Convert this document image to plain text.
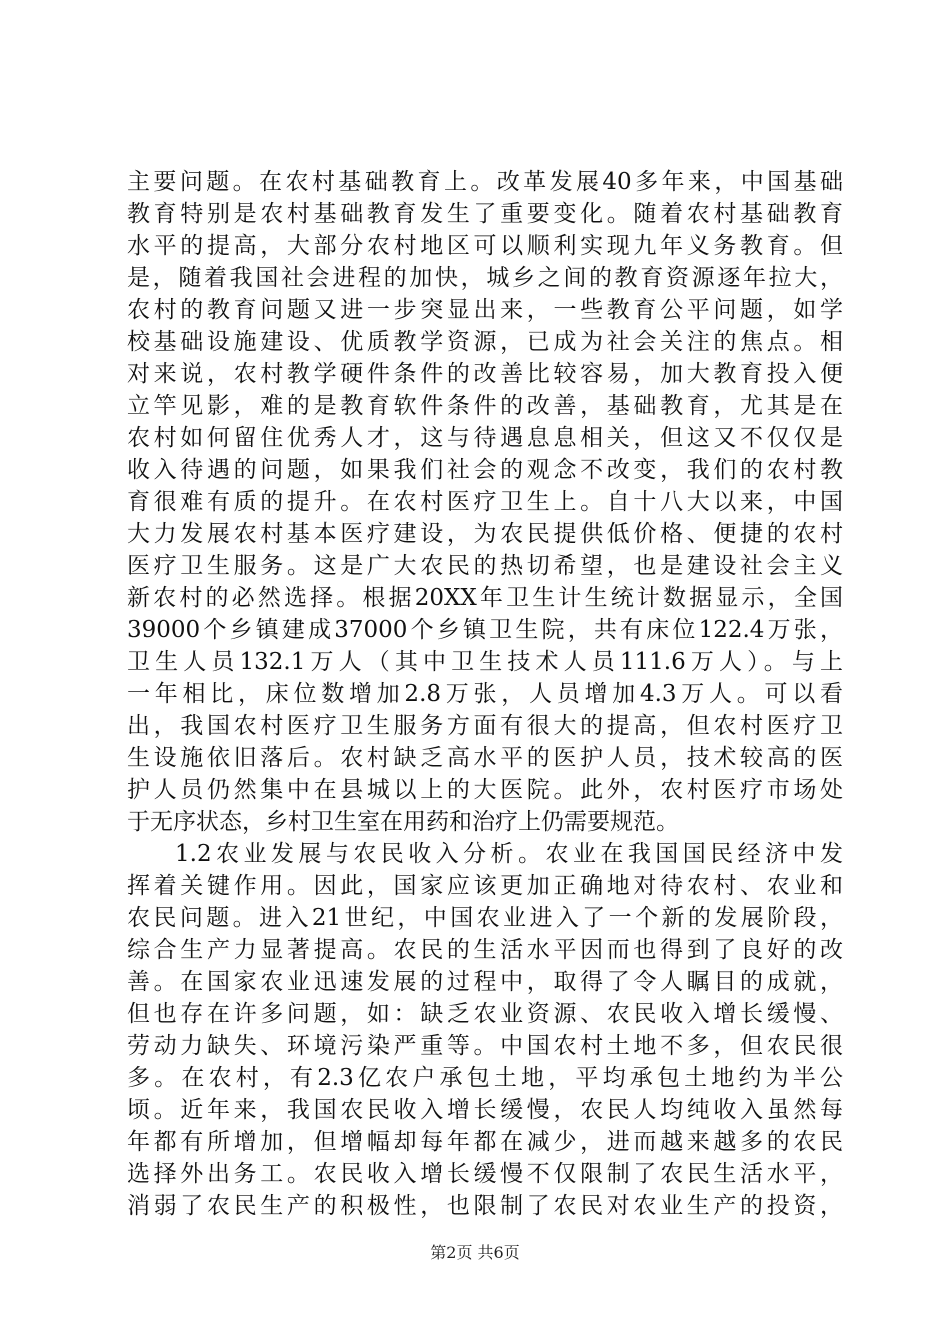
主要问题。在农村基础教育上。改革发展40多年来，中国基础
教育特别是农村基础教育发生了重要变化。随着农村基础教育
水平的提高，大部分农村地区可以顺利实现九年义务教育。但
是，随着我国社会进程的加快，城乡之间的教育资源逐年拉大，
农村的教育问题又进一步突显出来，一些教育公平问题，如学
校基础设施建设、优质教学资源，已成为社会关注的焦点。相
对来说，农村教学硬件条件的改善比较容易，加大教育投入便
立竿见影，难的是教育软件条件的改善，基础教育，尤其是在
农村如何留住优秀人才，这与待遇息息相关，但这又不仅仅是
收入待遇的问题，如果我们社会的观念不改变，我们的农村教
育很难有质的提升。在农村医疗卫生上。自十八大以来，中国
大力发展农村基本医疗建设，为农民提供低价格、便捷的农村
医疗卫生服务。这是广大农民的热切希望，也是建设社会主义
新农村的必然选择。根据20XX年卫生计生统计数据显示，全国
39000个乡镇建成37000个乡镇卫生院，共有床位122.4万张，
卫生人员132.1万人（其中卫生技术人员111.6万人）。与上
一年相比，床位数增加2.8万张，人员增加4.3万人。可以看
出，我国农村医疗卫生服务方面有很大的提高，但农村医疗卫
生设施依旧落后。农村缺乏高水平的医护人员，技术较高的医
护人员仍然集中在县城以上的大医院。此外，农村医疗市场处
于无序状态，乡村卫生室在用药和治疗上仍需要规范。
1.2农业发展与农民收入分析。农业在我国国民经济中发
挥着关键作用。因此，国家应该更加正确地对待农村、农业和
农民问题。进入21世纪，中国农业进入了一个新的发展阶段，
综合生产力显著提高。农民的生活水平因而也得到了良好的改
善。在国家农业迅速发展的过程中，取得了令人瞩目的成就，
但也存在许多问题，如：缺乏农业资源、农民收入增长缓慢、
劳动力缺失、环境污染严重等。中国农村土地不多，但农民很
多。在农村，有2.3亿农户承包土地，平均承包土地约为半公
顷。近年来，我国农民收入增长缓慢，农民人均纯收入虽然每
年都有所增加，但增幅却每年都在减少，进而越来越多的农民
选择外出务工。农民收入增长缓慢不仅限制了农民生活水平，
消弱了农民生产的积极性，也限制了农民对农业生产的投资，
第2页 共6页
